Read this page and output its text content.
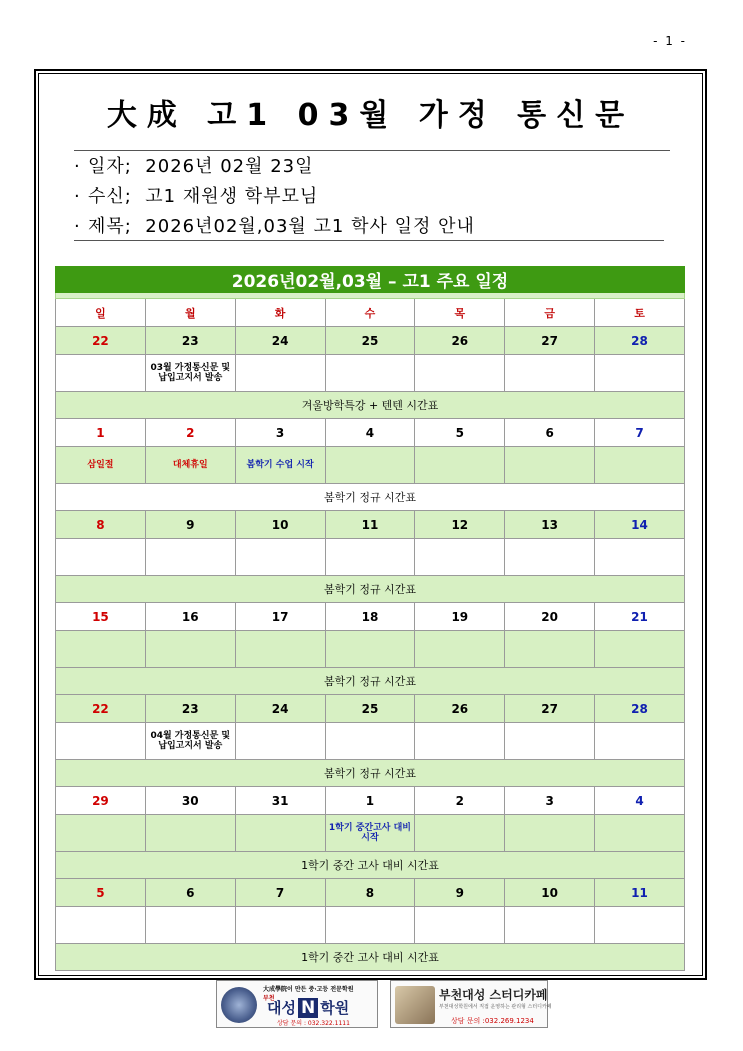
- 1 -
大成 고1 03월 가정 통신문
· 일자; 2026년 02월 23일
· 수신; 고1 재원생 학부모님
· 제목; 2026년02월,03월 고1 학사 일정 안내
2026년02월,03월 – 고1 주요 일정						

일	월	화	수	목	금	토
22	23	24	25	26	27	28
	03월 가정통신문 및 납입고지서 발송					
겨울방학특강 + 텐텐 시간표						
1	2	3	4	5	6	7
삼일절	대체휴일	봄학기 수업 시작				
봄학기 정규 시간표						
8	9	10	11	12	13	14

봄학기 정규 시간표						
15	16	17	18	19	20	21

봄학기 정규 시간표						
22	23	24	25	26	27	28
	04월 가정통신문 및 납입고지서 발송					
봄학기 정규 시간표						
29	30	31	1	2	3	4
			1학기 중간고사 대비 시작			
1학기 중간 고사 대비 시간표						
5	6	7	8	9	10	11

1학기 중간 고사 대비 시간표						
大成學院이 만든 중·고등 전문학원
부천
대성 N 학원
상담 문의 : 032.322.1111
부천대성 스터디카페
부천대성학원에서 직접 운영하는 관리형 스터디카페
상담 문의 :032.269.1234
